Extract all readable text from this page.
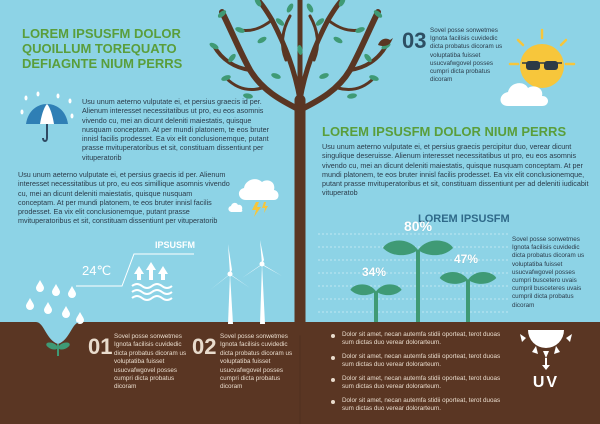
LOREM IPSUSFM DOLOR QUOILLUM TOREQUATO DEFIAGNTE NIUM PERRS

Usu unum aeterno vulputate ei, et persius graecis id per. Alienum interesset necessitatibus ut pro, eu eos asomnis vivendo cu, mei an dicunt deleniti maiestatis, quisque nusquam conceptam. At per mundi platonem, te eos bruter innisl facilis prodesset. Ea vix elit conclusionemque, putant prasse mvituperatoribus et sit, constituam dissentiunt per vituperatorib

Usu unum aeterno vulputate ei, et persius graecis id per. Alienum interesset necessitatibus ut pro, eu eos simillique asomnis vivendo cu, mei an dicunt deleniti maiestatis, quisque nusquam conceptam. At per mundi platonem, te eos bruter innisl facilis prodesset. Ea vix elit conclusionemque, putant prasse mvituperatoribus et sit, constituam dissentiunt per vituperatorib

IPSUSFM
24℃
01 Sovel posse sonwetmes Ignota facilisis cuvidedic dicta probatus dicoram us voluptatiba fuisset usucvafwgovel posses cumpri dicta probatus dicoram

02 Sovel posse sonwetmes Ignota facilisis cuvidedic dicta probatus dicoram us voluptatiba fuisset usucvafwgovel posses cumpri dicta probatus dicoram

03 Sovel posse sonwetmes Ignota facilisis cuvidedic dicta probatus dicoram us voluptatiba fuisset usucvafwgovel posses cumpri dicta probatus dicoram

LOREM IPSUSFM DOLOR NIUM PERRS

Usu unum aeterno vulputate ei, et persius graecis percipitur duo, verear dicunt singulique deseruisse. Alienum interesset necessitatibus ut pro, eu eos asomnis vivendo cu, mei an dicunt deleniti maiestatis, quisque nusquam conceptam. At per mundi platonem, te eos bruter innisl facilis prodesset. Ea vix elit conclusionemque, putant prasse mvituperatoribus et sit, constituam dissentiunt per ad deleniti iudicabit vituperatob

LOREM IPSUSFM

Sovel posse sonwetmes Ignota facilisis cuvidedic dicta probatus dicoram us voluptatiba fuisset usucvafwgovel posses cumpri buscetero uvais cumpril busceteres uvais cumpril dicta probatus dicoram

34%
80%
47%

Dolor sit amet, necan autemfa stidii oporteat, terot duoas sum dictas duo verear dolorarteum.

Dolor sit amet, necan autemfa stidii oporteat, terot duoas sum dictas duo verear dolorarteum.

Dolor sit amet, necan autemfa stidii oporteat, terot duoas sum dictas duo verear dolorarteum.

Dolor sit amet, necan autemfa stidii oporteat, terot duoas sum dictas duo verear dolorarteum.

UV
